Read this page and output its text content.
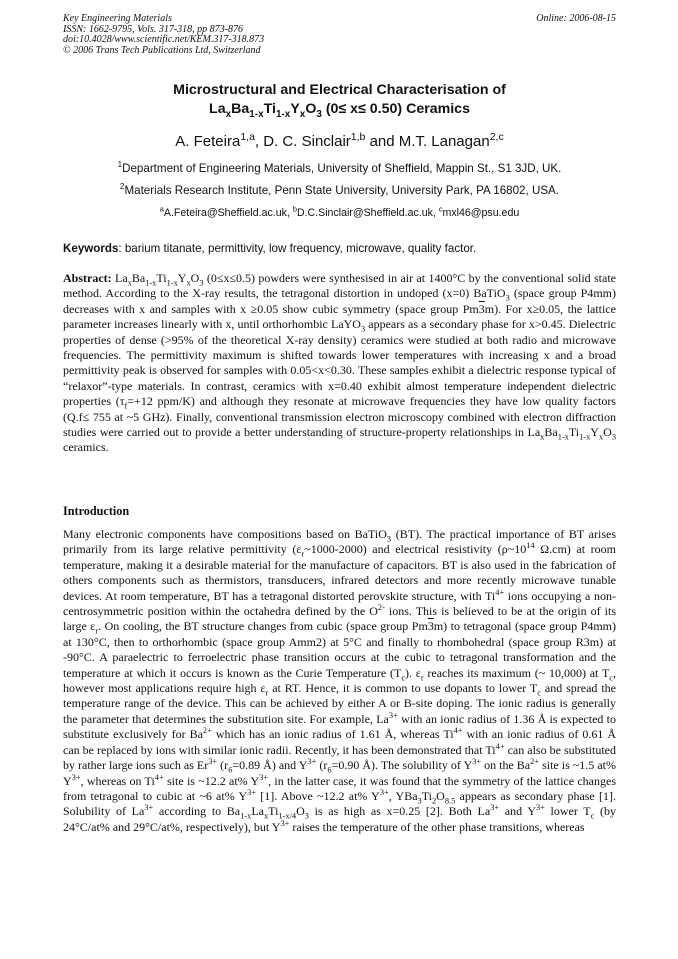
Key Engineering Materials
ISSN: 1662-9795, Vols. 317-318, pp 873-876
doi:10.4028/www.scientific.net/KEM.317-318.873
© 2006 Trans Tech Publications Ltd, Switzerland
Online: 2006-08-15
Microstructural and Electrical Characterisation of
$La_xBa_{1-x}Ti_{1-x}Y_xO_3$ (0≤ x≤ 0.50) Ceramics
A. Feteira$^{1,a}$, D. C. Sinclair$^{1,b}$ and M.T. Lanagan$^{2,c}$
$^1$Department of Engineering Materials, University of Sheffield, Mappin St., S1 3JD, UK.
$^2$Materials Research Institute, Penn State University, University Park, PA 16802, USA.
$^a$A.Feteira@Sheffield.ac.uk, $^b$D.C.Sinclair@Sheffield.ac.uk, $^c$mxl46@psu.edu
Keywords: barium titanate, permittivity, low frequency, microwave, quality factor.
Abstract: $La_xBa_{1-x}Ti_{1-x}Y_xO_3$ (0≤x≤0.5) powders were synthesised in air at 1400°C by the conventional solid state method. According to the X-ray results, the tetragonal distortion in undoped (x=0) BaTiO$_3$ (space group P4mm) decreases with x and samples with x ≥0.05 show cubic symmetry (space group Pm3m). For x≥0.05, the lattice parameter increases linearly with x, until orthorhombic LaYO$_3$ appears as a secondary phase for x>0.45. Dielectric properties of dense (>95% of the theoretical X-ray density) ceramics were studied at both radio and microwave frequencies. The permittivity maximum is shifted towards lower temperatures with increasing x and a broad permittivity peak is observed for samples with 0.05<x<0.30. These samples exhibit a dielectric response typical of “relaxor”-type materials. In contrast, ceramics with x=0.40 exhibit almost temperature independent dielectric properties ($\tau_f=+12$ ppm/K) and although they resonate at microwave frequencies they have low quality factors (Q.f≤ 755 at ~5 GHz). Finally, conventional transmission electron microscopy combined with electron diffraction studies were carried out to provide a better understanding of structure-property relationships in $La_xBa_{1-x}Ti_{1-x}Y_xO_3$ ceramics.
Introduction
Many electronic components have compositions based on BaTiO$_3$ (BT). The practical importance of BT arises primarily from its large relative permittivity $(\varepsilon_r\sim 1000-2000)$ and electrical resistivity ($\rho\sim 10^{14}$ Ω.cm) at room temperature, making it a desirable material for the manufacture of capacitors. BT is also used in the fabrication of others components such as thermistors, transducers, infrared detectors and more recently microwave tunable devices. At room temperature, BT has a tetragonal distorted perovskite structure, with $Ti^{4+}$ ions occupying a non-centrosymmetric position within the octahedra defined by the $O^{2-}$ ions. This is believed to be at the origin of its large $\varepsilon_r$. On cooling, the BT structure changes from cubic (space group Pm3m) to tetragonal (space group P4mm) at 130°C, then to orthorhombic (space group Amm2) at 5°C and finally to rhombohedral (space group R3m) at -90°C. A paraelectric to ferroelectric phase transition occurs at the cubic to tetragonal transformation and the temperature at which it occurs is known as the Curie Temperature $(T_c)$. $\varepsilon_r$ reaches its maximum (~ 10,000) at $T_c$, however most applications require high $\varepsilon_r$ at RT. Hence, it is common to use dopants to lower $T_c$ and spread the temperature range of the device. This can be achieved by either A or B-site doping. The ionic radius is generally the parameter that determines the substitution site. For example, $La^{3+}$ with an ionic radius of 1.36 Å is expected to substitute exclusively for $Ba^{2+}$ which has an ionic radius of 1.61 Å, whereas $Ti^{4+}$ with an ionic radius of 0.61 Å can be replaced by ions with similar ionic radii. Recently, it has been demonstrated that $Ti^{4+}$ can also be substituted by rather large ions such as $Er^{3+}$ ($r_6=0.89$ Å) and $Y^{3+}$ ($r_6=0.90$ Å). The solubility of $Y^{3+}$ on the $Ba^{2+}$ site is ~1.5 at% $Y^{3+}$, whereas on $Ti^{4+}$ site is ~12.2 at% $Y^{3+}$, in the latter case, it was found that the symmetry of the lattice changes from tetragonal to cubic at ~6 at% $Y^{3+}$ [1]. Above ~12.2 at% $Y^{3+}$, $YBa_3Ti_2O_{8.5}$ appears as secondary phase [1]. Solubility of $La^{3+}$ according to $Ba_{1-x}La_xTi_{1-x/4}O_3$ is as high as x=0.25 [2]. Both $La^{3+}$ and $Y^{3+}$ lower $T_c$ (by 24°C/at% and 29°C/at%, respectively), but $Y^{3+}$ raises the temperature of the other phase transitions, whereas
